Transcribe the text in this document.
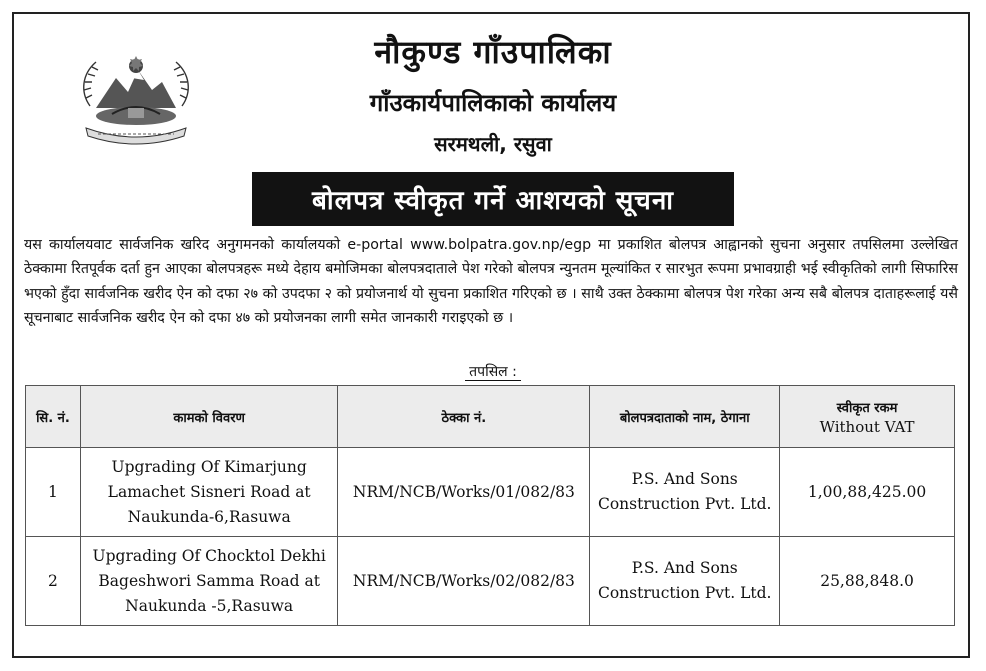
नौकुण्ड गाँउपालिका
गाँउकार्यपालिकाको कार्यालय
सरमथली, रसुवा
बोलपत्र स्वीकृत गर्ने आशयको सूचना
यस कार्यालयवाट सार्वजनिक खरिद अनुगमनको कार्यालयको e-portal www.bolpatra.gov.np/egp मा प्रकाशित बोलपत्र आह्वानको सुचना अनुसार तपसिलमा उल्लेखित ठेक्कामा रितपूर्वक दर्ता हुन आएका बोलपत्रहरू मध्ये देहाय बमोजिमका बोलपत्रदाताले पेश गरेको बोलपत्र न्युनतम मूल्यांकित र सारभुत रूपमा प्रभावग्राही भई स्वीकृतिको लागी सिफारिस भएको हुँदा सार्वजनिक खरीद ऐन को दफा २७ को उपदफा २ को प्रयोजनार्थ यो सुचना प्रकाशित गरिएको छ । साथै उक्त ठेक्कामा बोलपत्र पेश गरेका अन्य सबै बोलपत्र दाताहरूलाई यसै सूचनाबाट सार्वजनिक खरीद ऐन को दफा ४७ को प्रयोजनका लागी समेत जानकारी गराइएको छ ।
तपसिल :
सि. नं.	कामको विवरण	ठेक्का नं.	बोलपत्रदाताको नाम, ठेगाना	स्वीकृत रकम
Without VAT

1	Upgrading Of Kimarjung Lamachet Sisneri Road at Naukunda-6,Rasuwa	NRM/NCB/Works/01/082/83	P.S. And Sons Construction Pvt. Ltd.	1,00,88,425.00
2	Upgrading Of Chocktol Dekhi Bageshwori Samma Road at Naukunda -5,Rasuwa	NRM/NCB/Works/02/082/83	P.S. And Sons Construction Pvt. Ltd.	25,88,848.0
